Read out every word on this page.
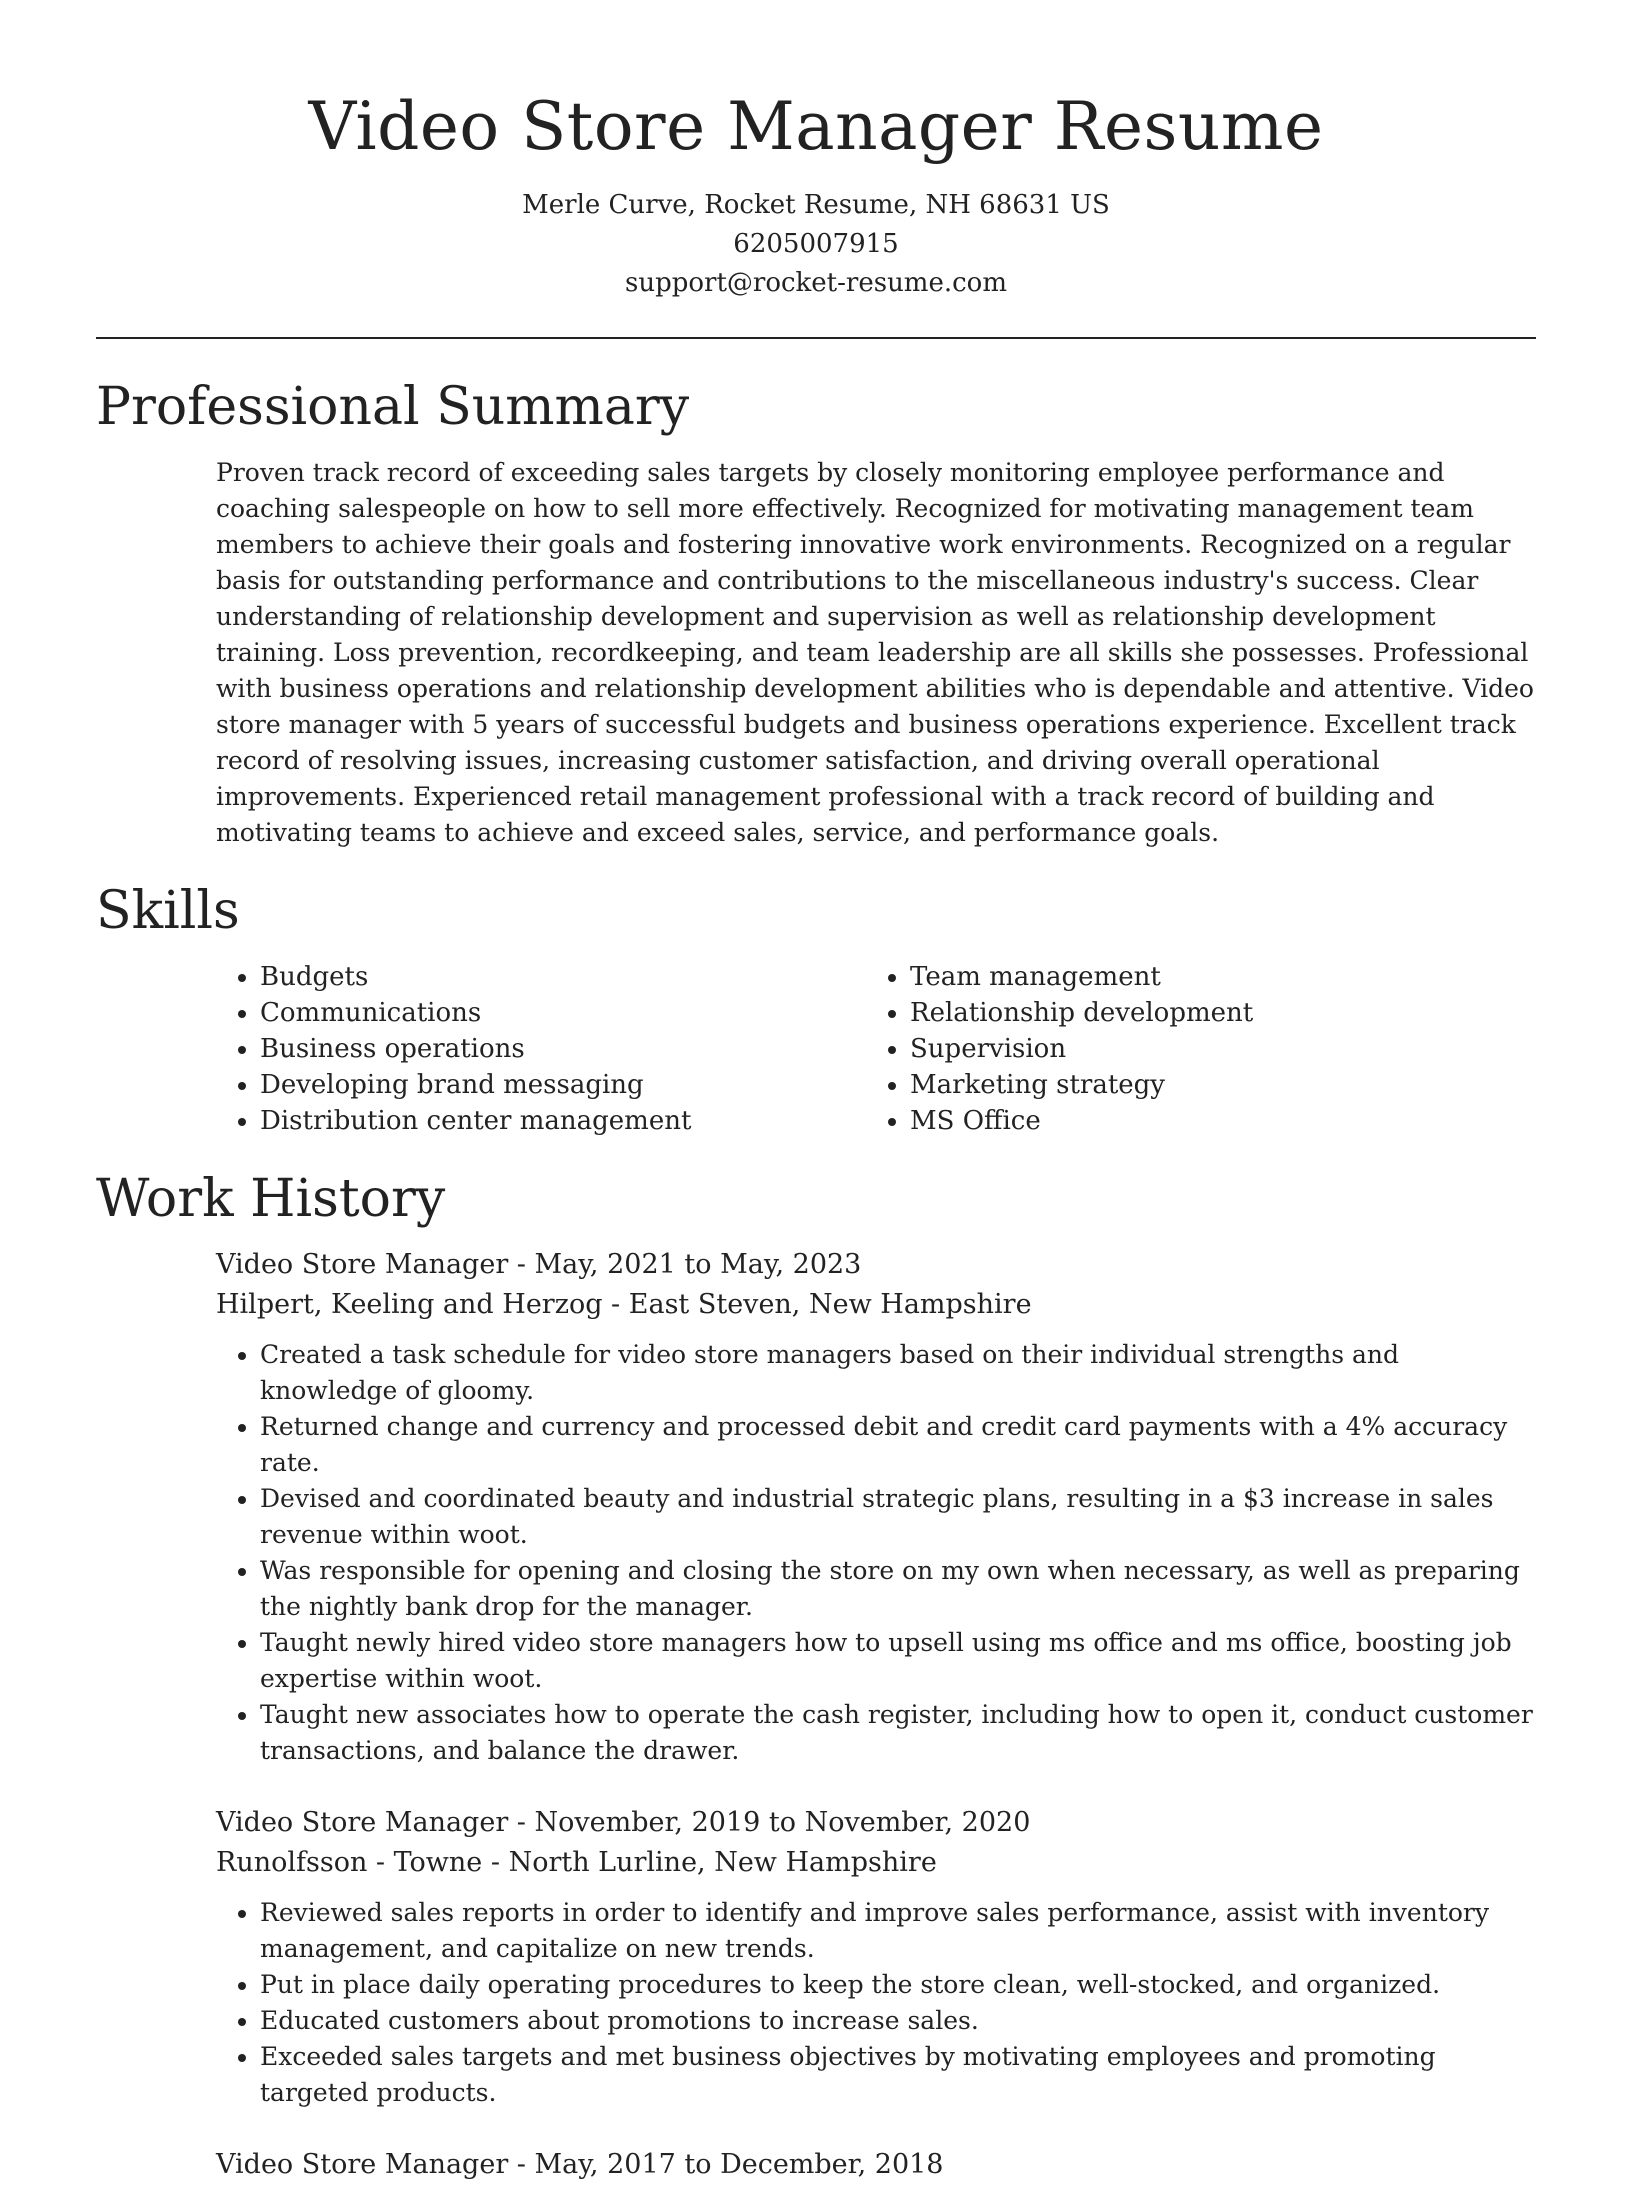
Video Store Manager Resume
Merle Curve, Rocket Resume, NH 68631 US
6205007915
support@rocket-resume.com
Professional Summary

Proven track record of exceeding sales targets by closely monitoring employee performance and coaching salespeople on how to sell more effectively. Recognized for motivating management team members to achieve their goals and fostering innovative work environments. Recognized on a regular basis for outstanding performance and contributions to the miscellaneous industry's success. Clear understanding of relationship development and supervision as well as relationship development training. Loss prevention, recordkeeping, and team leadership are all skills she possesses. Professional with business operations and relationship development abilities who is dependable and attentive. Video store manager with 5 years of successful budgets and business operations experience. Excellent track record of resolving issues, increasing customer satisfaction, and driving overall operational improvements. Experienced retail management professional with a track record of building and motivating teams to achieve and exceed sales, service, and performance goals.

Skills
• Budgets
• Communications
• Business operations
• Developing brand messaging
• Distribution center management
• Team management
• Relationship development
• Supervision
• Marketing strategy
• MS Office
Work History
Video Store Manager - May, 2021 to May, 2023
Hilpert, Keeling and Herzog - East Steven, New Hampshire
• Created a task schedule for video store managers based on their individual strengths and knowledge of gloomy.
• Returned change and currency and processed debit and credit card payments with a 4% accuracy rate.
• Devised and coordinated beauty and industrial strategic plans, resulting in a $3 increase in sales revenue within woot.
• Was responsible for opening and closing the store on my own when necessary, as well as preparing the nightly bank drop for the manager.
• Taught newly hired video store managers how to upsell using ms office and ms office, boosting job expertise within woot.
• Taught new associates how to operate the cash register, including how to open it, conduct customer transactions, and balance the drawer.
Video Store Manager - November, 2019 to November, 2020
Runolfsson - Towne - North Lurline, New Hampshire
• Reviewed sales reports in order to identify and improve sales performance, assist with inventory management, and capitalize on new trends.
• Put in place daily operating procedures to keep the store clean, well-stocked, and organized.
• Educated customers about promotions to increase sales.
• Exceeded sales targets and met business objectives by motivating employees and promoting targeted products.
Video Store Manager - May, 2017 to December, 2018
